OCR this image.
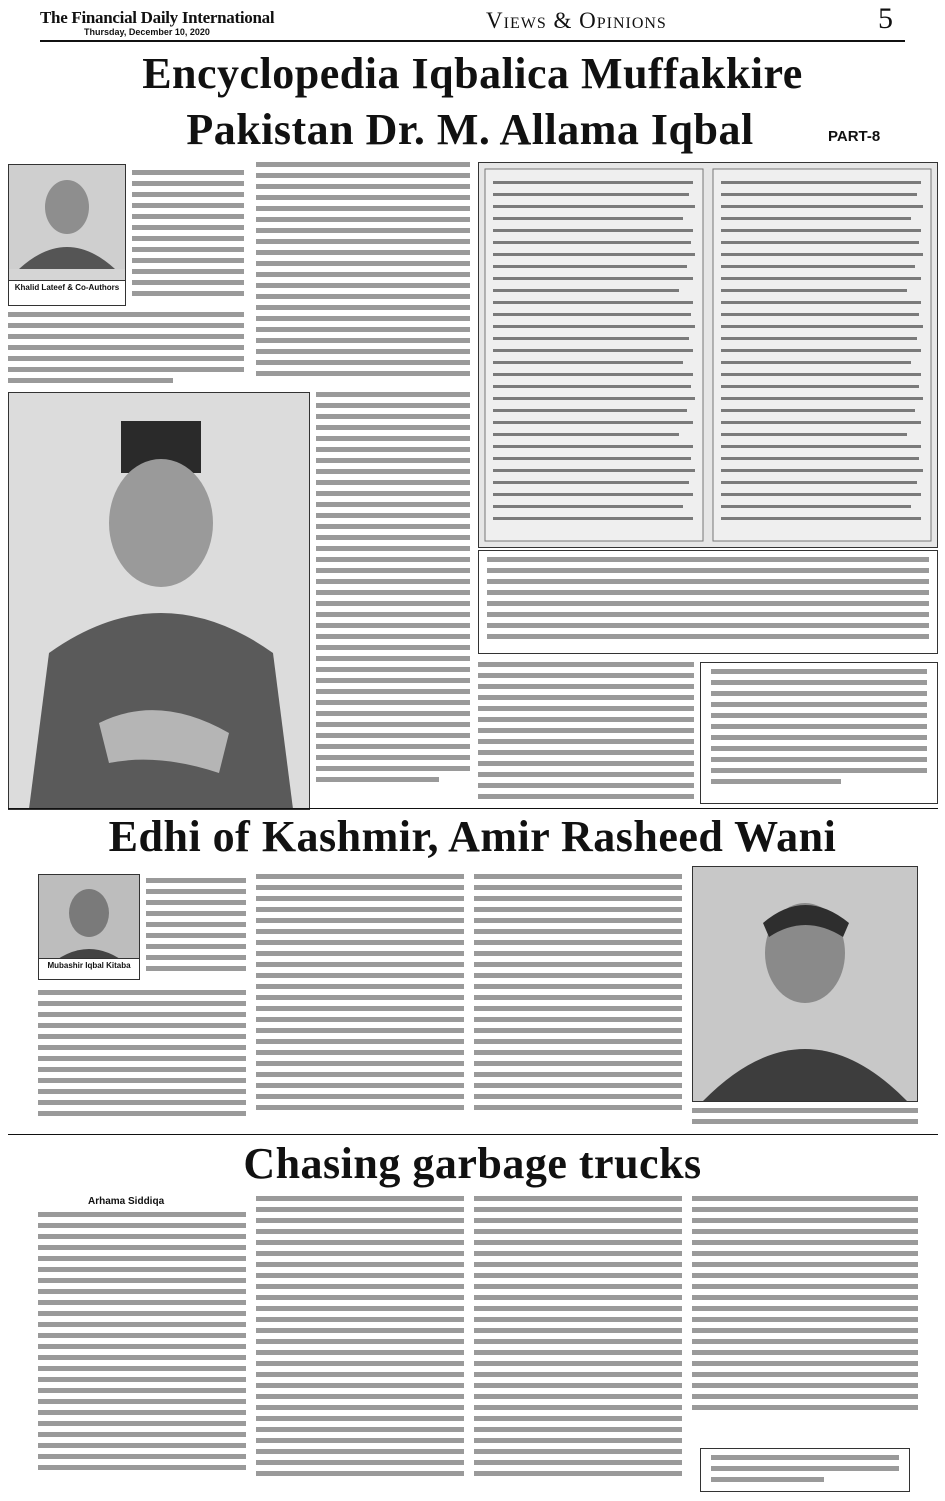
The Financial Daily International
Thursday, December 10, 2020	Views & Opinions	5
Encyclopedia Iqbalica Muffakkire
Pakistan Dr. M. Allama Iqbal	PART-8
Khalid Lateef & Co-Authors
Edhi of Kashmir, Amir Rasheed Wani
Mubashir Iqbal Kitaba
Chasing garbage trucks
Arhama Siddiqa
